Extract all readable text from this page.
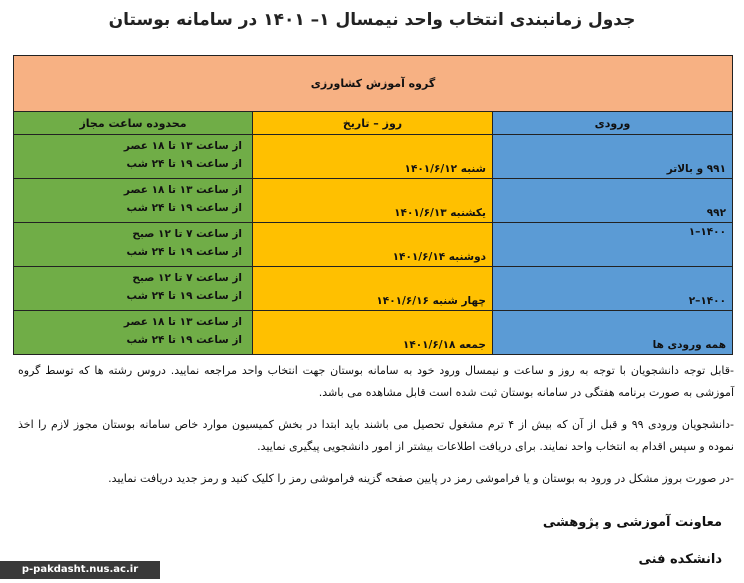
جدول زمانبندی انتخاب واحد نیمسال ۱– ۱۴۰۱ در سامانه بوستان
گروه آموزش کشاورزی		
ورودی	روز – تاریخ	محدوده ساعت مجاز

۹۹۱ و بالاتر	شنبه ۱۴۰۱/۶/۱۲	از ساعت ۱۳ تا ۱۸ عصر
از ساعت ۱۹ تا ۲۴ شب

۹۹۲	یکشنبه ۱۴۰۱/۶/۱۳	از ساعت ۱۳ تا ۱۸ عصر
از ساعت ۱۹ تا ۲۴ شب

۱۴۰۰–۱	دوشنبه ۱۴۰۱/۶/۱۴	از ساعت ۷ تا ۱۲ صبح
از ساعت ۱۹ تا ۲۴ شب

۱۴۰۰–۲	چهار شنبه ۱۴۰۱/۶/۱۶	از ساعت ۷ تا ۱۲ صبح
از ساعت ۱۹ تا ۲۴ شب

همه ورودی ها	جمعه ۱۴۰۱/۶/۱۸	از ساعت ۱۳ تا ۱۸ عصر
از ساعت ۱۹ تا ۲۴ شب

-قابل توجه دانشجویان با توجه به روز و ساعت و نیمسال ورود خود به سامانه بوستان جهت انتخاب واحد مراجعه نمایید. دروس رشته ها که توسط گروه آموزشی به صورت برنامه هفتگی در سامانه بوستان ثبت شده است قابل مشاهده می باشد.

-دانشجویان ورودی ۹۹ و قبل از آن که بیش از ۴ ترم مشغول تحصیل می باشند باید ابتدا در بخش کمیسیون موارد خاص سامانه بوستان مجوز لازم را اخذ نموده و سپس اقدام به انتخاب واحد نمایند. برای دریافت اطلاعات بیشتر از امور دانشجویی پیگیری نمایید.

-در صورت بروز مشکل در ورود به بوستان و یا فراموشی رمز در پایین صفحه گزینه فراموشی رمز را کلیک کنید و رمز جدید دریافت نمایید.

معاونت آموزشی و پژوهشی
دانشکده فنی
p-pakdasht.nus.ac.ir
